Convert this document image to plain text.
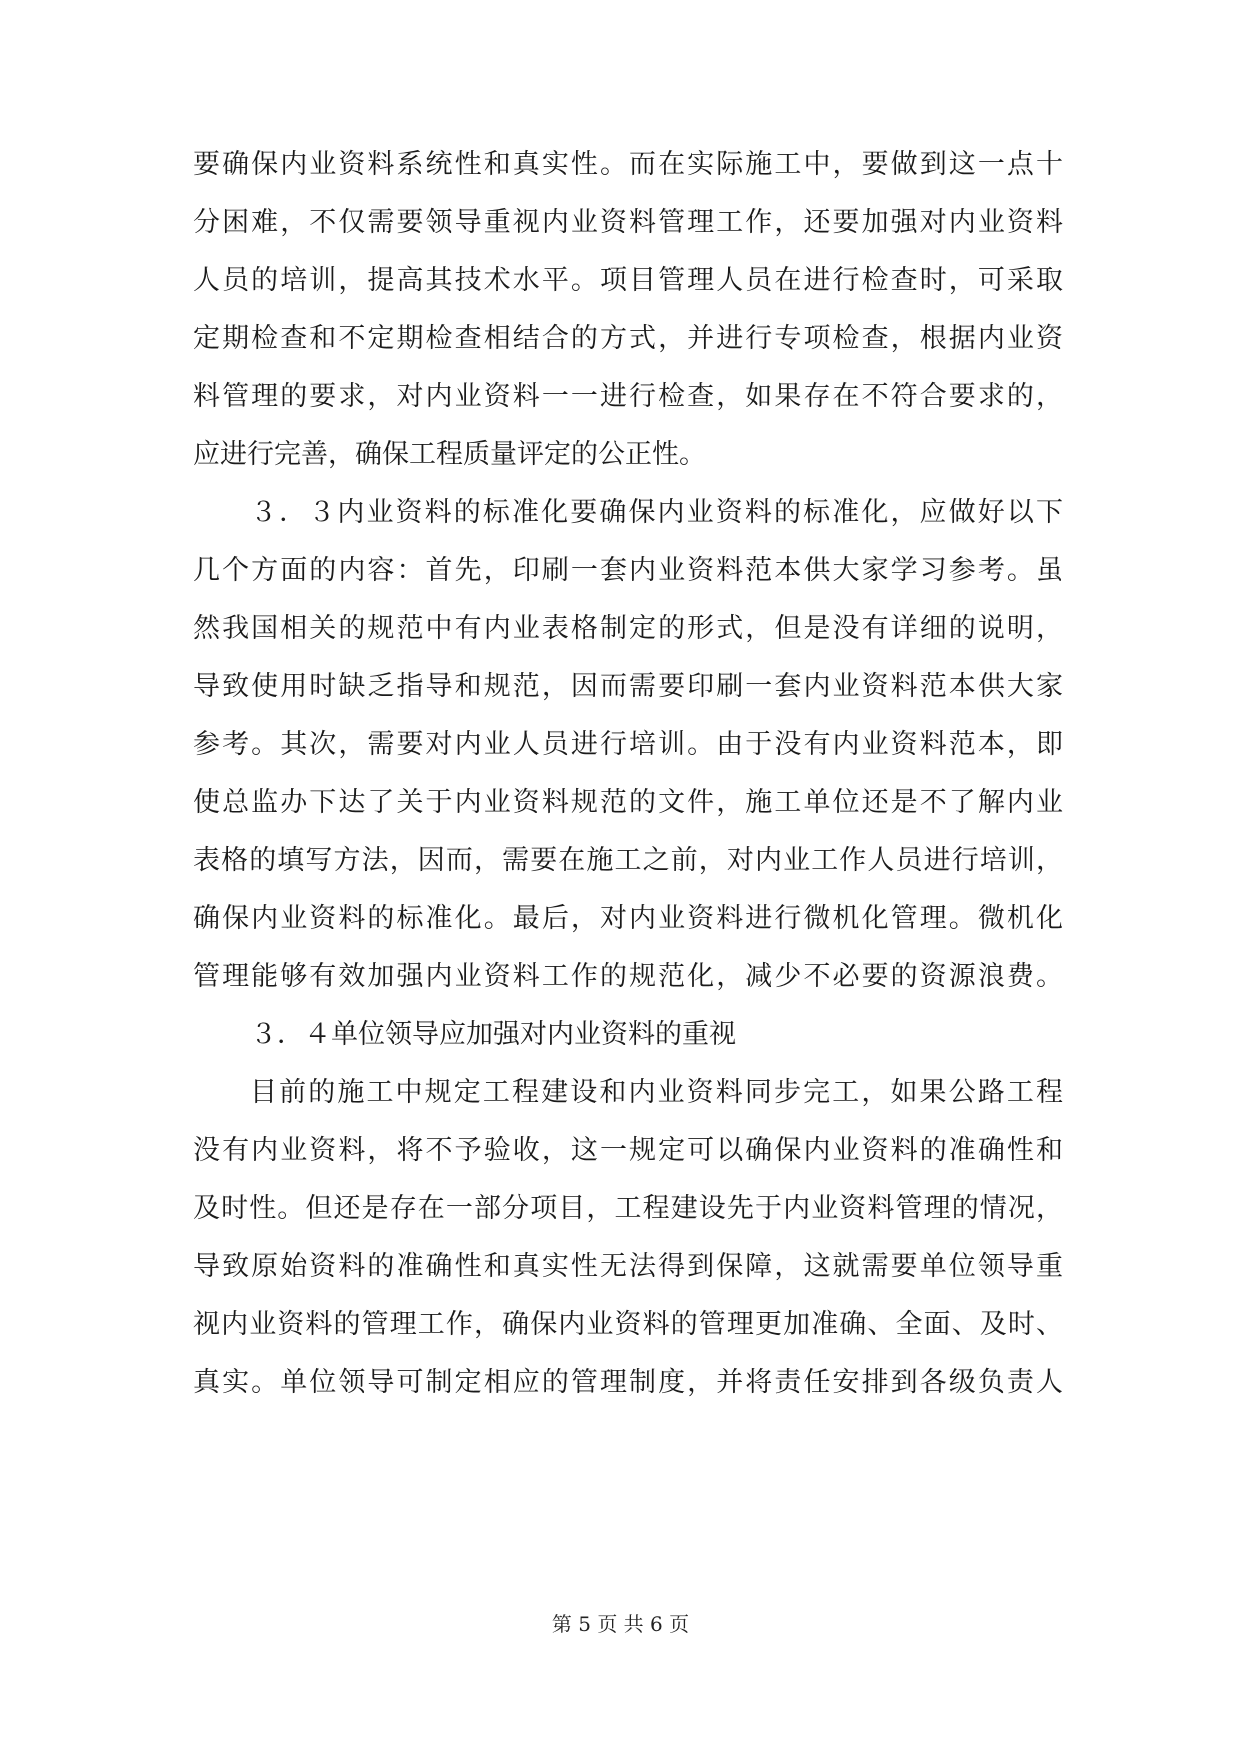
要确保内业资料系统性和真实性。而在实际施工中，要做到这一点十
分困难，不仅需要领导重视内业资料管理工作，还要加强对内业资料
人员的培训，提高其技术水平。项目管理人员在进行检查时，可采取
定期检查和不定期检查相结合的方式，并进行专项检查，根据内业资
料管理的要求，对内业资料一一进行检查，如果存在不符合要求的，
应进行完善，确保工程质量评定的公正性。
３．３内业资料的标准化要确保内业资料的标准化，应做好以下
几个方面的内容：首先，印刷一套内业资料范本供大家学习参考。虽
然我国相关的规范中有内业表格制定的形式，但是没有详细的说明，
导致使用时缺乏指导和规范，因而需要印刷一套内业资料范本供大家
参考。其次，需要对内业人员进行培训。由于没有内业资料范本，即
使总监办下达了关于内业资料规范的文件，施工单位还是不了解内业
表格的填写方法，因而，需要在施工之前，对内业工作人员进行培训，
确保内业资料的标准化。最后，对内业资料进行微机化管理。微机化
管理能够有效加强内业资料工作的规范化，减少不必要的资源浪费。
３．４单位领导应加强对内业资料的重视
目前的施工中规定工程建设和内业资料同步完工，如果公路工程
没有内业资料，将不予验收，这一规定可以确保内业资料的准确性和
及时性。但还是存在一部分项目，工程建设先于内业资料管理的情况，
导致原始资料的准确性和真实性无法得到保障，这就需要单位领导重
视内业资料的管理工作，确保内业资料的管理更加准确、全面、及时、
真实。单位领导可制定相应的管理制度，并将责任安排到各级负责人
第 5 页 共 6 页
